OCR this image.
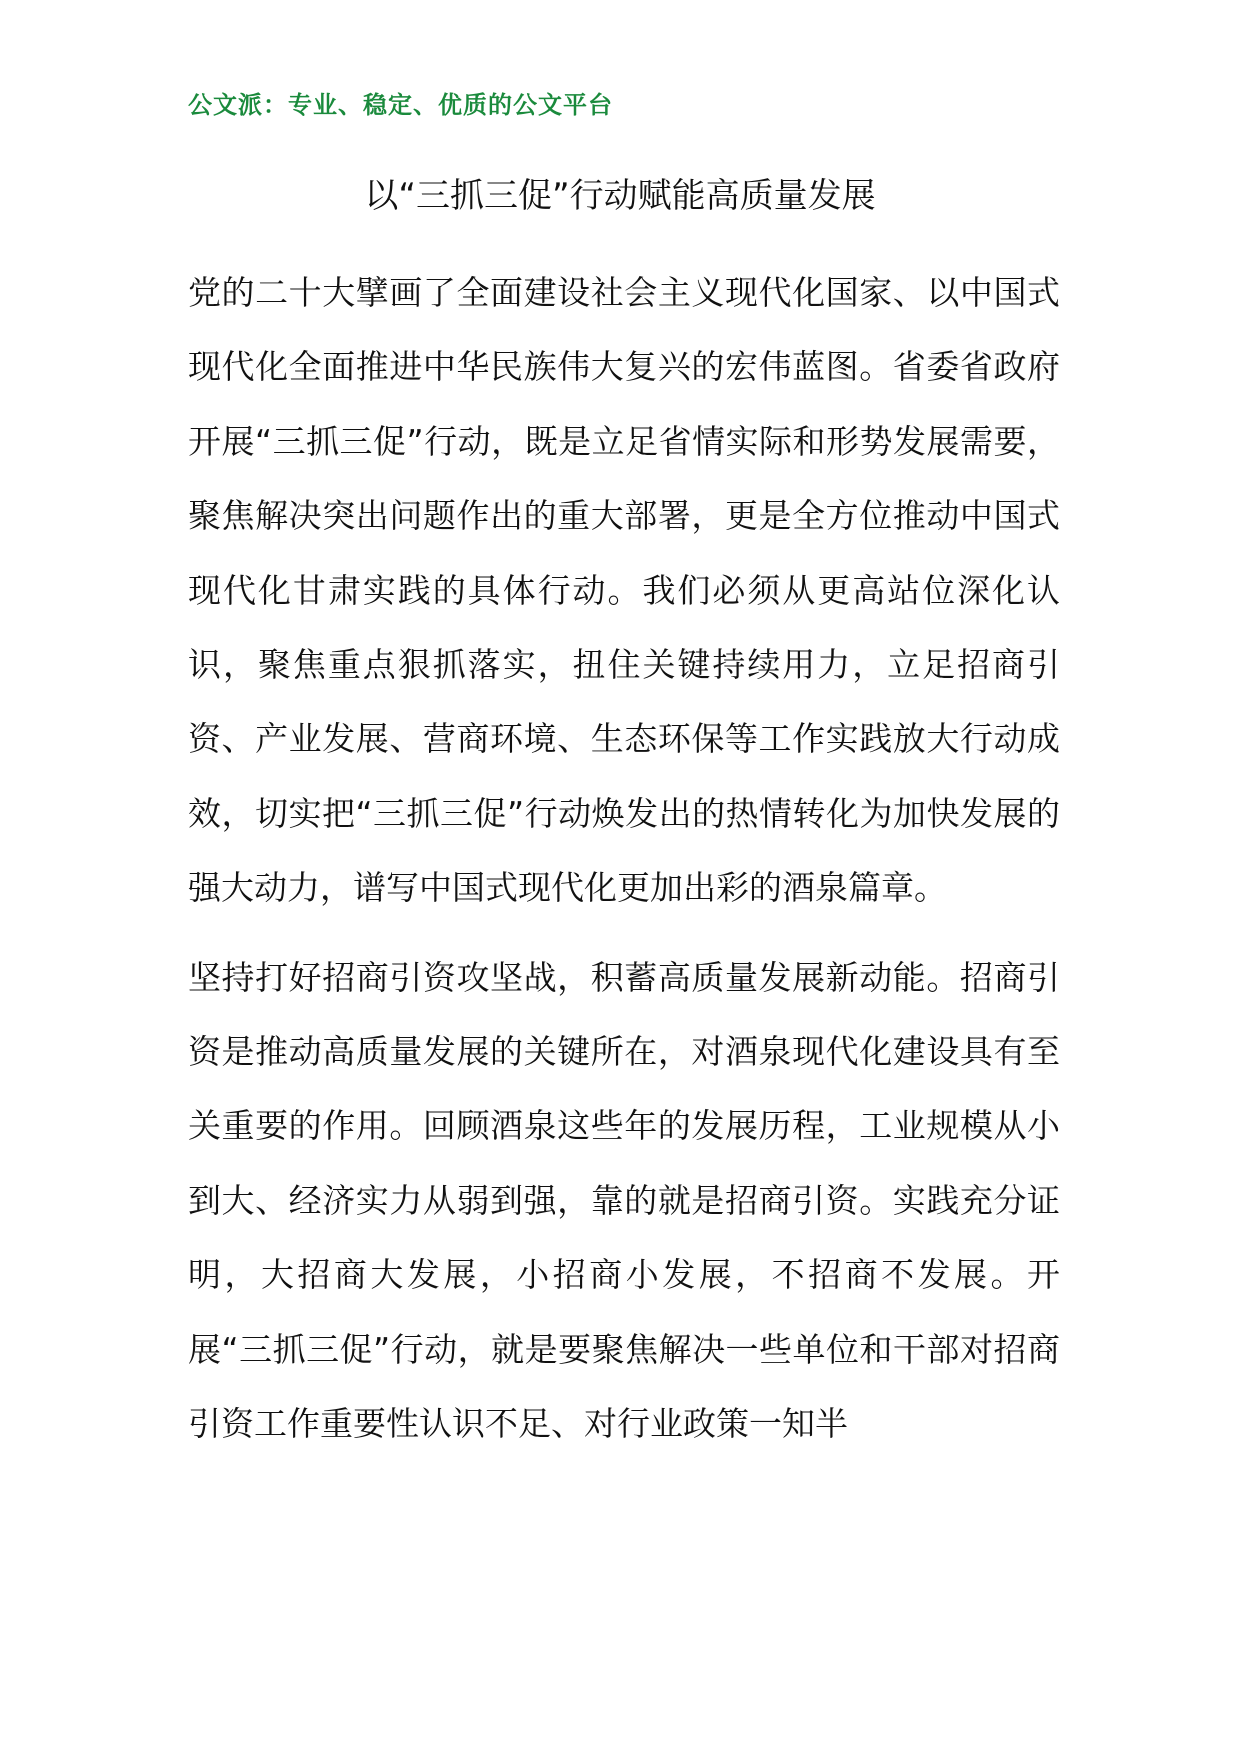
公文派：专业、稳定、优质的公文平台
以“三抓三促”行动赋能高质量发展

党的二十大擘画了全面建设社会主义现代化国家、以中国式现代化全面推进中华民族伟大复兴的宏伟蓝图。省委省政府开展“三抓三促”行动，既是立足省情实际和形势发展需要，聚焦解决突出问题作出的重大部署，更是全方位推动中国式现代化甘肃实践的具体行动。我们必须从更高站位深化认识，聚焦重点狠抓落实，扭住关键持续用力，立足招商引资、产业发展、营商环境、生态环保等工作实践放大行动成效，切实把“三抓三促”行动焕发出的热情转化为加快发展的强大动力，谱写中国式现代化更加出彩的酒泉篇章。

坚持打好招商引资攻坚战，积蓄高质量发展新动能。招商引资是推动高质量发展的关键所在，对酒泉现代化建设具有至关重要的作用。回顾酒泉这些年的发展历程，工业规模从小到大、经济实力从弱到强，靠的就是招商引资。实践充分证明，大招商大发展，小招商小发展，不招商不发展。开展“三抓三促”行动，就是要聚焦解决一些单位和干部对招商引资工作重要性认识不足、对行业政策一知半
